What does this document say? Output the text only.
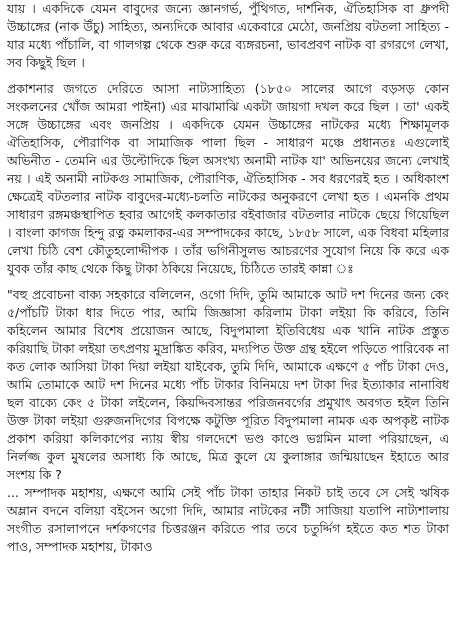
যায় । একদিকে যেমন বাবুদের জন্যে জ্ঞানগর্ভ, পুঁথিগত, দার্শনিক, ঐতিহাসিক বা ধ্রুপদী উচ্চাঙ্গের (নাক উঁচু) সাহিত্য, অন্যদিকে আবার একেবারে মেঠো, জনপ্রিয় বটতলা সাহিত্য - যার মধ্যে পাঁচালি, বা গালগল্প থেকে শুরু করে ব্যঙ্গরচনা, ভাবপ্রবণ নাটক বা রগরগে লেখা, সব কিছুই ছিল ।

প্রকাশনার জগতে দেরিতে আসা নাট্যসাহিত্য (১৮৫০ সালের আগে বড়সড় কোন সংকলনের খোঁজ আমরা পাইনা) এর মাঝামাঝি একটা জায়গা দখল করে ছিল । তা' একই সঙ্গে উচ্চাঙ্গের এবং জনপ্রিয় । একদিকে যেমন উচ্চাঙ্গের নাটকের মধ্যে শিক্ষামূলক ঐতিহাসিক, পৌরাণিক বা সামাজিক পালা ছিল - সাধারণ মঞ্চে প্রধানতঃ এগুলোই অভিনীত - তেমনি এর উল্টোদিকে ছিল অসংখ্য অনামী নাটক যা' অভিনয়ের জন্যে লেখাই নয় । এই অনামী নাটকগু সামাজিক, পৌরাণিক, ঐতিহাসিক - সব ধরণেরই হত । অধিকাংশ ক্ষেত্রেই বটতলার নাটক বাবুদের-মধ্যে-চলতি নাটকের অনুকরণে লেখা হত । এমনকি প্রথম সাধারণ রঙ্গমঞ্চস্থাপিত হবার আগেই কলকাতার বইবাজার বটতলার নাটকে ছেয়ে গিয়েছিল । বাংলা কাগজ হিন্দু রত্ন কমলাকর-এর সম্পাদকের কাছে, ১৮৫৮ সালে, এক বিধবা মহিলার লেখা চিঠি বেশ কৌতুহলোদ্দীপক । তাঁর ভগিনীসুলভ আচরণের সুযোগ নিয়ে কি করে এক যুবক তাঁর কাছ থেকে কিছু টাকা ঠকিয়ে নিয়েছে, চিঠিতে তারই কান্না ঃ

"বহু প্রবোচনা বাক্য সহকারে বলিলেন, ওগো দিদি, তুমি আমাকে আট দশ দিনের জন্য কেং ৫/পাঁচটি টাকা ধার দিতে পার, আমি জিজ্ঞাসা করিলাম টাকা লইয়া কি করিবে, তিনি কহিলেন আমার বিশেষ প্রয়োজন আছে, বিদুপমালা ইতিবিধেয় এক খানি নাটক প্রস্তুত করিয়াছি টাকা লইয়া তৎপ্রণয় মুদ্রাঙ্কিত করিব, মদ্যপিত উক্ত গ্রন্থ হইলে পড়িতে পারিবেক না কত লোক আসিয়া টাকা দিয়া লইয়া যাইবেক, তুমি দিদি, আমাকে এক্ষণে ৫ পাঁচ টাকা দেও, আমি তোমাকে আট দশ দিনের মধ্যে পাঁচ টাকার বিনিময়ে দশ টাকা দির ইত্যাকার নানাবিধ ছল বাক্যে কেং ৫ টাকা লইলেন, কিয়দ্দিবসান্তর পরিজনবর্গের প্রমুখাৎ অবগত হইল তিনি উক্ত টাকা লইয়া গুরুজনদিগের বিপক্ষে কটুক্তি পূরিত বিদুপমালা নামক এক অপকৃষ্ট নাটক প্রকাশ করিয়া কলিকাপের ন্যায় স্বীয় গলদেশে ভণ্ড কাণ্ডে ভগ্নমিন মালা পরিয়াছেন, এ নির্লজ্জ কুল মুষলের অসাধ্য কি আছে, মিত্র কুলে যে কুলাঙ্গার জন্মিয়াছেন ইহাতে আর সংশয় কি ?

... সম্পাদক মহাশয়, এক্ষণে আমি সেই পাঁচ টাকা তাহার নিকট চাই তবে সে সেই ঋষিক অম্লান বদনে বলিয়া বইসেন অগো দিদি, আমার নাটকের নটী সাজিয়া যতাপি নাট্যশালায় সংগীত রসালাপনে দর্শকগণের চিত্তরঞ্জন করিতে পার তবে চতুর্দ্দিগ হইতে কত শত টাকা পাও, সম্পাদক মহাশয়, টাকাও
